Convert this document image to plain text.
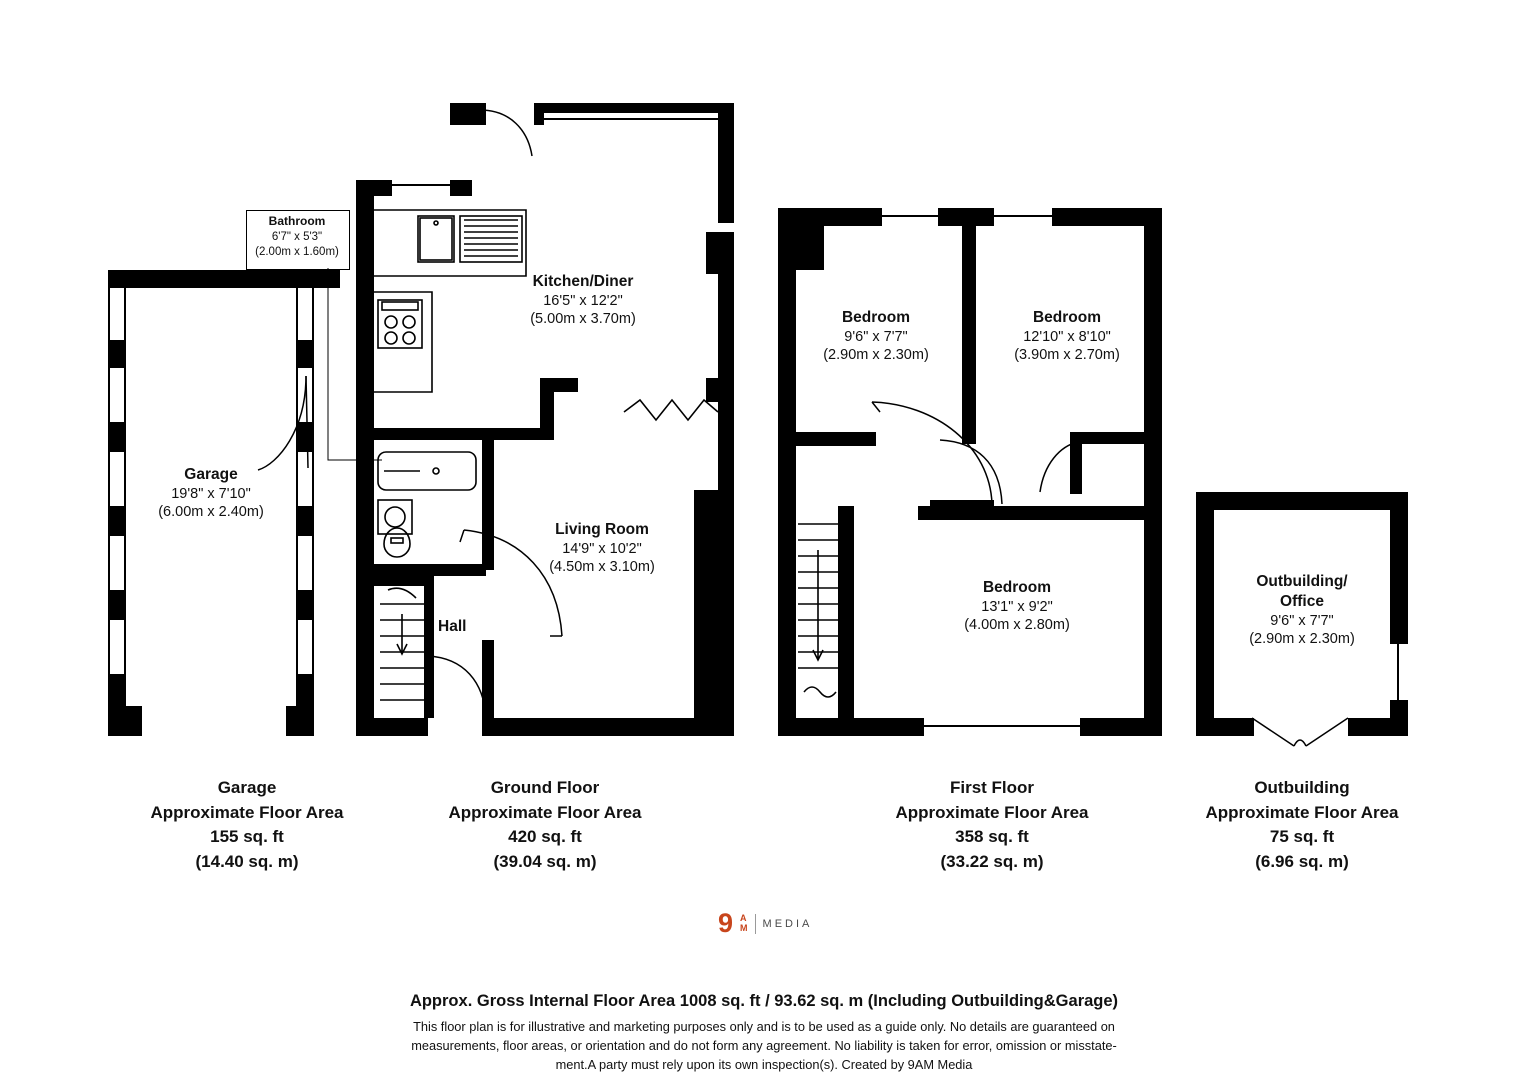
Garage
19'8" x 7'10"
(6.00m x 2.40m)
Bathroom
6'7" x 5'3"
(2.00m x 1.60m)
Kitchen/Diner
16'5" x 12'2"
(5.00m x 3.70m)
Living Room
14'9" x 10'2"
(4.50m x 3.10m)
Hall
Bedroom
9'6" x 7'7"
(2.90m x 2.30m)
Bedroom
12'10" x 8'10"
(3.90m x 2.70m)
Bedroom
13'1" x 9'2"
(4.00m x 2.80m)
Outbuilding/
Office
9'6" x 7'7"
(2.90m x 2.30m)
Garage
Approximate Floor Area
155 sq. ft
(14.40 sq. m)
Ground Floor
Approximate Floor Area
420 sq. ft
(39.04 sq. m)
First Floor
Approximate Floor Area
358 sq. ft
(33.22 sq. m)
Outbuilding
Approximate Floor Area
75 sq. ft
(6.96 sq. m)
9 A
M MEDIA
Approx. Gross Internal Floor Area 1008 sq. ft / 93.62 sq. m (Including Outbuilding&Garage)
This floor plan is for illustrative and marketing purposes only and is to be used as a guide only. No details are guaranteed on
measurements, floor areas, or orientation and do not form any agreement. No liability is taken for error, omission or misstate-
ment.A party must rely upon its own inspection(s). Created by 9AM Media
